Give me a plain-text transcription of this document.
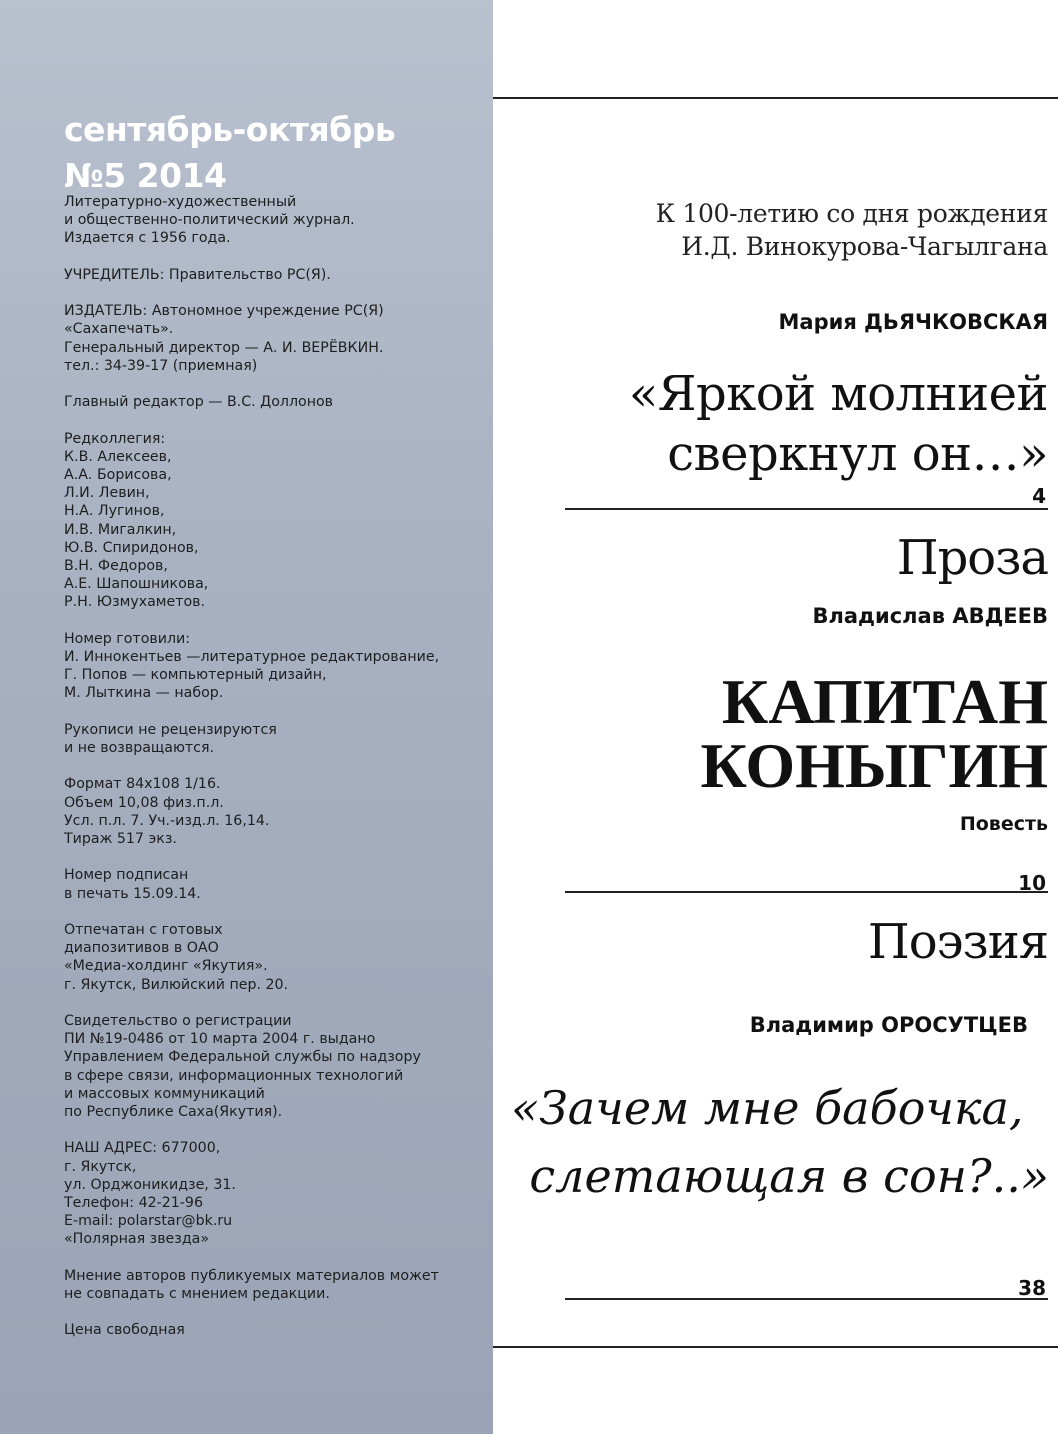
сентябрь-октябрь
№5 2014
Литературно-художественный
и общественно-политический журнал.
Издается с 1956 года.
УЧРЕДИТЕЛЬ: Правительство РС(Я).
ИЗДАТЕЛЬ: Автономное учреждение РС(Я)
«Сахапечать».
Генеральный директор — А. И. ВЕРЁВКИН.
тел.: 34-39-17 (приемная)
Главный редактор — В.С. Доллонов
Редколлегия:
К.В. Алексеев,
А.А. Борисова,
Л.И. Левин,
Н.А. Лугинов,
И.В. Мигалкин,
Ю.В. Спиридонов,
В.Н. Федоров,
А.Е. Шапошникова,
Р.Н. Юзмухаметов.
Номер готовили:
И. Иннокентьев —литературное редактирование,
Г. Попов — компьютерный дизайн,
М. Лыткина — набор.
Рукописи не рецензируются
и не возвращаются.
Формат 84x108 1/16.
Объем 10,08 физ.п.л.
Усл. п.л. 7. Уч.-изд.л. 16,14.
Тираж 517 экз.
Номер подписан
в печать 15.09.14.
Отпечатан с готовых
диапозитивов в ОАО
«Медиа-холдинг «Якутия».
г. Якутск, Вилюйский пер. 20.
Свидетельство о регистрации
ПИ №19-0486 от 10 марта 2004 г. выдано
Управлением Федеральной службы по надзору
в сфере связи, информационных технологий
и массовых коммуникаций
по Республике Саха(Якутия).
НАШ АДРЕС: 677000,
г. Якутск,
ул. Орджоникидзе, 31.
Телефон: 42-21-96
E-mail: polarstar@bk.ru
«Полярная звезда»
Мнение авторов публикуемых материалов может
не совпадать с мнением редакции.
Цена свободная
К 100-летию со дня рождения
И.Д. Винокурова-Чагылгана
Мария ДЬЯЧКОВСКАЯ
«Яркой молнией
сверкнул он…»
4
Проза
Владислав АВДЕЕВ
КАПИТАН
КОНЫГИН
Повесть
10
Поэзия
Владимир ОРОСУТЦЕВ
«Зачем мне бабочка,
слетающая в сон?..»
38
